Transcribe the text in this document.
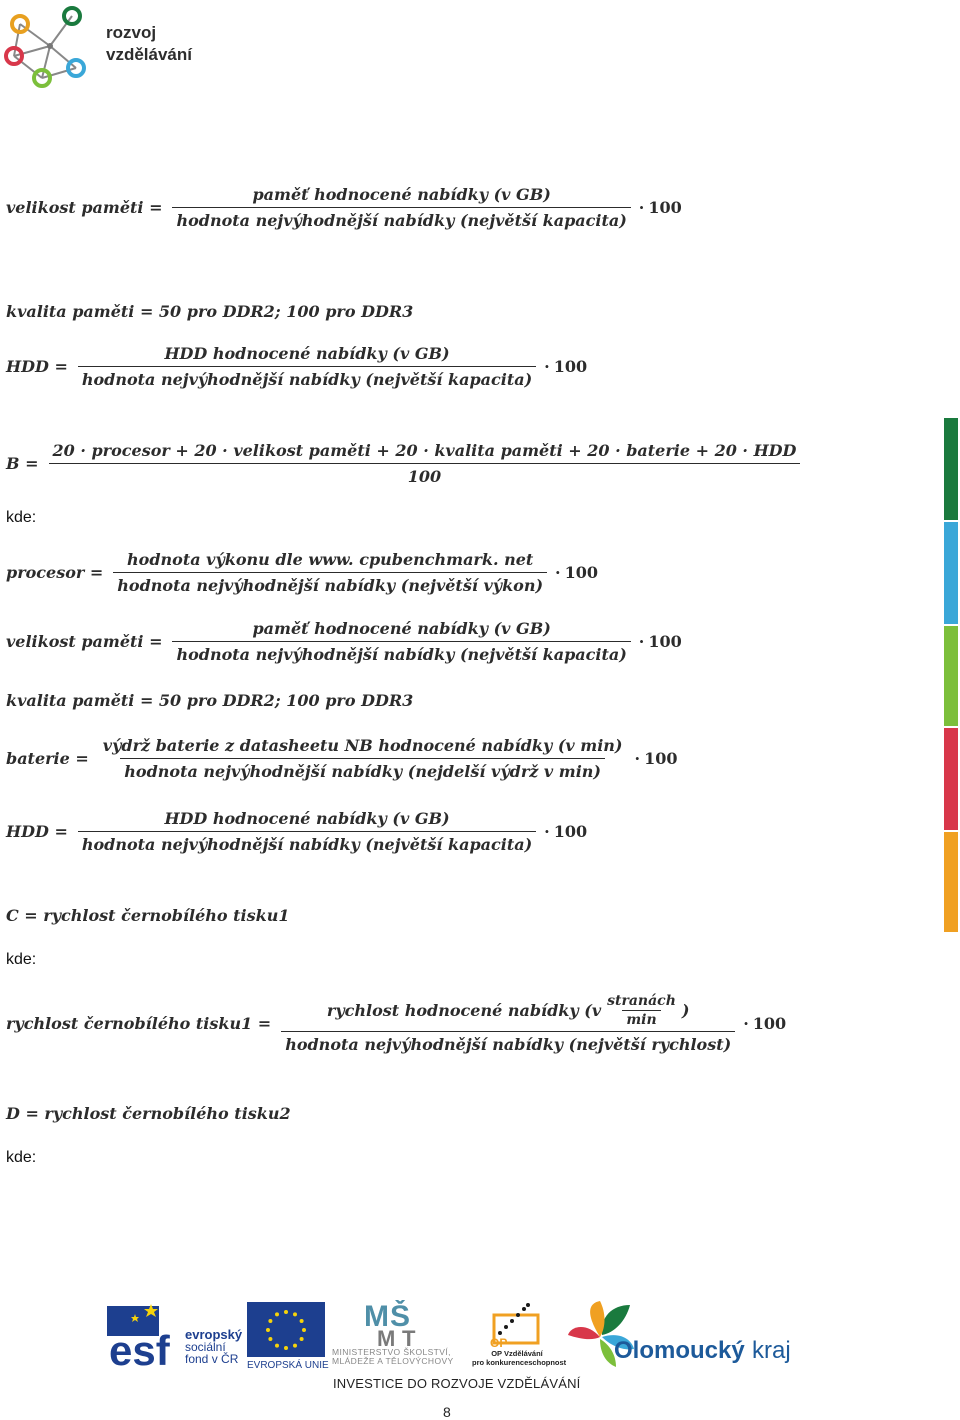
rozvoj
vzdělávání
velikost paměti = $\frac{\text{paměť hodnocené nabídky (v GB)}}{\text{hodnota nejvýhodnější nabídky (největší kapacita)}} \cdot 100$
kvalita paměti = 50 pro DDR2; 100 pro DDR3
HDD = $\frac{\text{HDD hodnocené nabídky (v GB)}}{\text{hodnota nejvýhodnější nabídky (největší kapacita)}} \cdot 100$
B =
20 · procesor + 20 · velikost paměti + 20 · kvalita paměti + 20 · baterie + 20 · HDD
100
kde:
procesor = $\frac{\text{hodnota výkonu dle www. cpubenchmark. net}}{\text{hodnota nejvýhodnější nabídky (největší výkon)}} \cdot 100$
velikost paměti = $\frac{\text{paměť hodnocené nabídky (v GB)}}{\text{hodnota nejvýhodnější nabídky (největší kapacita)}} \cdot 100$
kvalita paměti = 50 pro DDR2; 100 pro DDR3
baterie = $\frac{\text{výdrž baterie z datasheetu NB hodnocené nabídky (v min)}}{\text{hodnota nejvýhodnější nabídky (nejdelší výdrž v min)}} \cdot 100$
HDD = $\frac{\text{HDD hodnocené nabídky (v GB)}}{\text{hodnota nejvýhodnější nabídky (největší kapacita)}} \cdot 100$
C = rychlost černobílého tisku1
kde:
rychlost černobílého tisku1 =
rychlost hodnocené nabídky ($v \frac{\text{stranách}}{\min}$ )
hodnota nejvýhodnější nabídky (největší rychlost)
· 100
D = rychlost černobílého tisku2
kde:
esf evropský
sociální
fond v ČR EVROPSKÁ UNIE
M Š
M T
MINISTERSTVO ŠKOLSTVÍ,
MLÁDEŽE A TĚLOVÝCHOVY
OP
OP Vzdělávání
pro konkurenceschopnost Olomoucký kraj
INVESTICE DO ROZVOJE VZDĚLÁVÁNÍ
8
